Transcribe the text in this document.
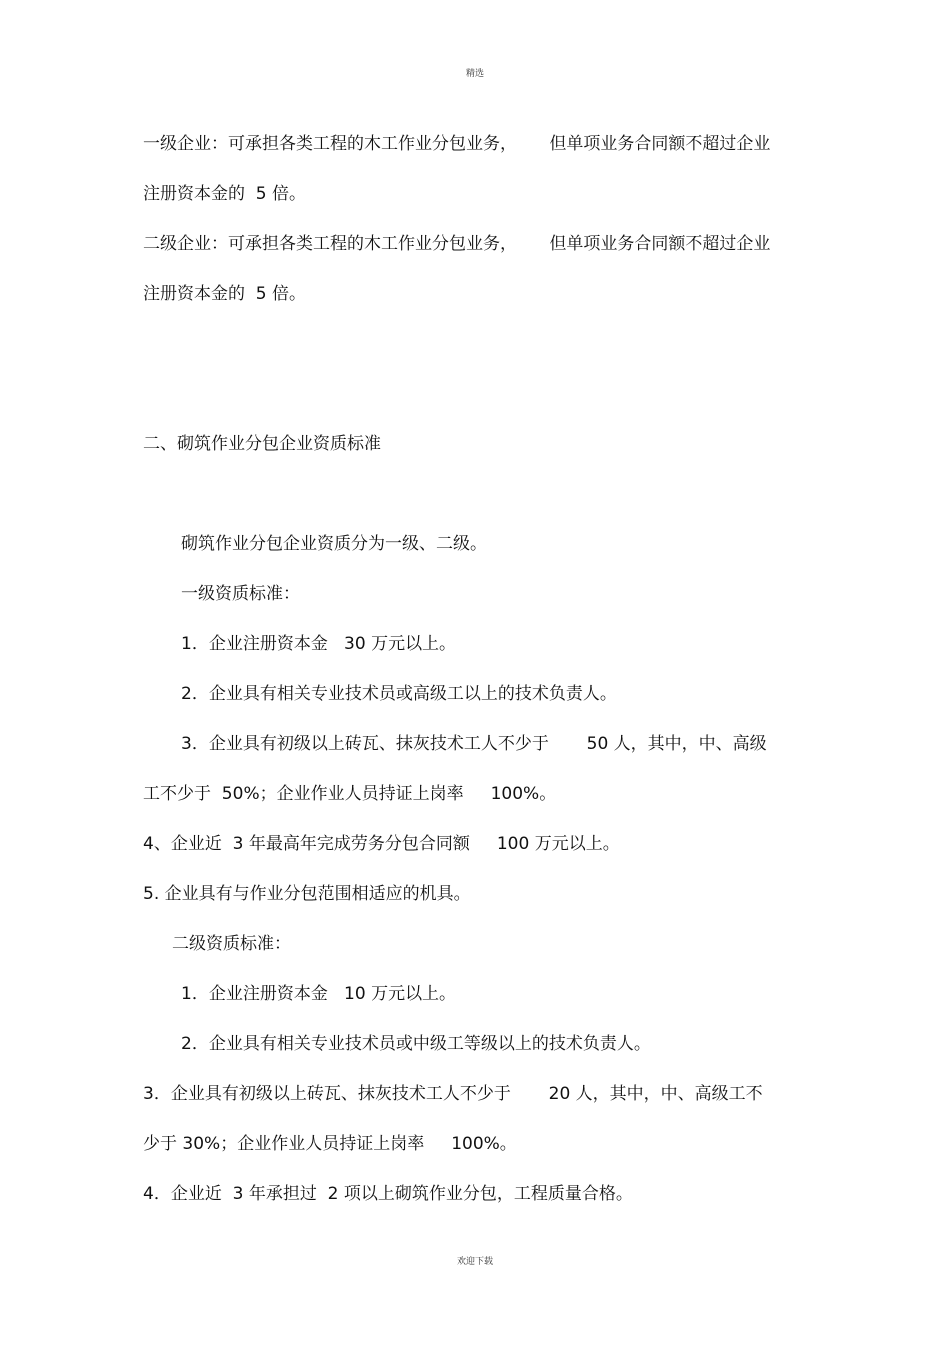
精选
一级企业：可承担各类工程的木工作业分包业务，      但单项业务合同额不超过企业
注册资本金的  5 倍。
二级企业：可承担各类工程的木工作业分包业务，      但单项业务合同额不超过企业
注册资本金的  5 倍。
二、砌筑作业分包企业资质标准
砌筑作业分包企业资质分为一级、二级。
一级资质标准：
1．企业注册资本金   30 万元以上。
2．企业具有相关专业技术员或高级工以上的技术负责人。
3．企业具有初级以上砖瓦、抹灰技术工人不少于       50 人，其中，中、高级
工不少于  50%；企业作业人员持证上岗率     100%。
4、企业近  3 年最高年完成劳务分包合同额     100 万元以上。
5. 企业具有与作业分包范围相适应的机具。
二级资质标准：
1．企业注册资本金   10 万元以上。
2．企业具有相关专业技术员或中级工等级以上的技术负责人。
3．企业具有初级以上砖瓦、抹灰技术工人不少于       20 人，其中，中、高级工不
少于 30%；企业作业人员持证上岗率     100%。
4．企业近  3 年承担过  2 项以上砌筑作业分包，工程质量合格。
欢迎下载
